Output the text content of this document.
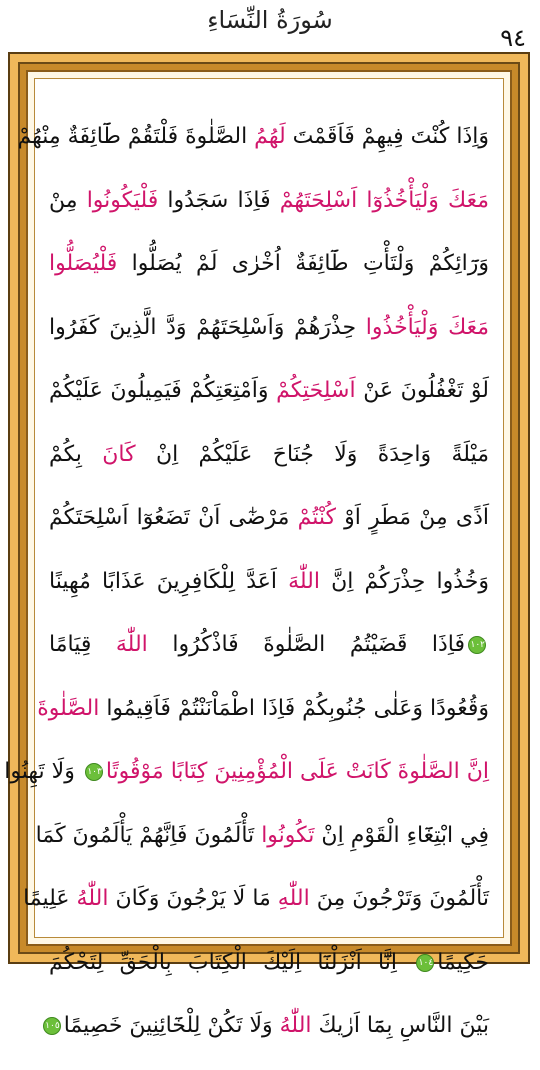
سُورَةُ النِّسَاءِ
٩٤
وَاِذَا كُنْتَ فِيهِمْ فَاَقَمْتَ لَهُمُ الصَّلٰوةَ فَلْتَقُمْ طَٓائِفَةٌ مِنْهُمْ
مَعَكَ وَلْيَأْخُذُوٓا اَسْلِحَتَهُمْ فَاِذَا سَجَدُوا فَلْيَكُونُوا مِنْ
وَرَٓائِكُمْ وَلْتَأْتِ طَٓائِفَةٌ اُخْرٰى لَمْ يُصَلُّوا فَلْيُصَلُّوا
مَعَكَ وَلْيَأْخُذُوا حِذْرَهُمْ وَاَسْلِحَتَهُمْ وَدَّ الَّذِينَ كَفَرُوا
لَوْ تَغْفُلُونَ عَنْ اَسْلِحَتِكُمْ وَاَمْتِعَتِكُمْ فَيَمِيلُونَ عَلَيْكُمْ
مَيْلَةً وَاحِدَةً وَلَا جُنَاحَ عَلَيْكُمْ اِنْ كَانَ بِكُمْ
اَذًى مِنْ مَطَرٍ اَوْ كُنْتُمْ مَرْضٰٓى اَنْ تَضَعُوٓا اَسْلِحَتَكُمْ
وَخُذُوا حِذْرَكُمْ اِنَّ اللّٰهَ اَعَدَّ لِلْكَافِرِينَ عَذَابًا مُهِينًا
١٠٢فَاِذَا قَضَيْتُمُ الصَّلٰوةَ فَاذْكُرُوا اللّٰهَ قِيَامًا
وَقُعُودًا وَعَلٰى جُنُوبِكُمْ فَاِذَا اطْمَاْنَنْتُمْ فَاَقِيمُوا الصَّلٰوةَ
اِنَّ الصَّلٰوةَ كَانَتْ عَلَى الْمُؤْمِنِينَ كِتَابًا مَوْقُوتًا١٠٣ وَلَا تَهِنُوا
فِي ابْتِغَٓاءِ الْقَوْمِ اِنْ تَكُونُوا تَأْلَمُونَ فَاِنَّهُمْ يَأْلَمُونَ كَمَا
تَأْلَمُونَ وَتَرْجُونَ مِنَ اللّٰهِ مَا لَا يَرْجُونَ وَكَانَ اللّٰهُ عَلِيمًا
حَكِيمًا١٠٤ اِنَّٓا اَنْزَلْنَٓا اِلَيْكَ الْكِتَابَ بِالْحَقِّ لِتَحْكُمَ
بَيْنَ النَّاسِ بِمَٓا اَرٰيكَ اللّٰهُ وَلَا تَكُنْ لِلْخَٓائِنِينَ خَصِيمًا١٠٥
